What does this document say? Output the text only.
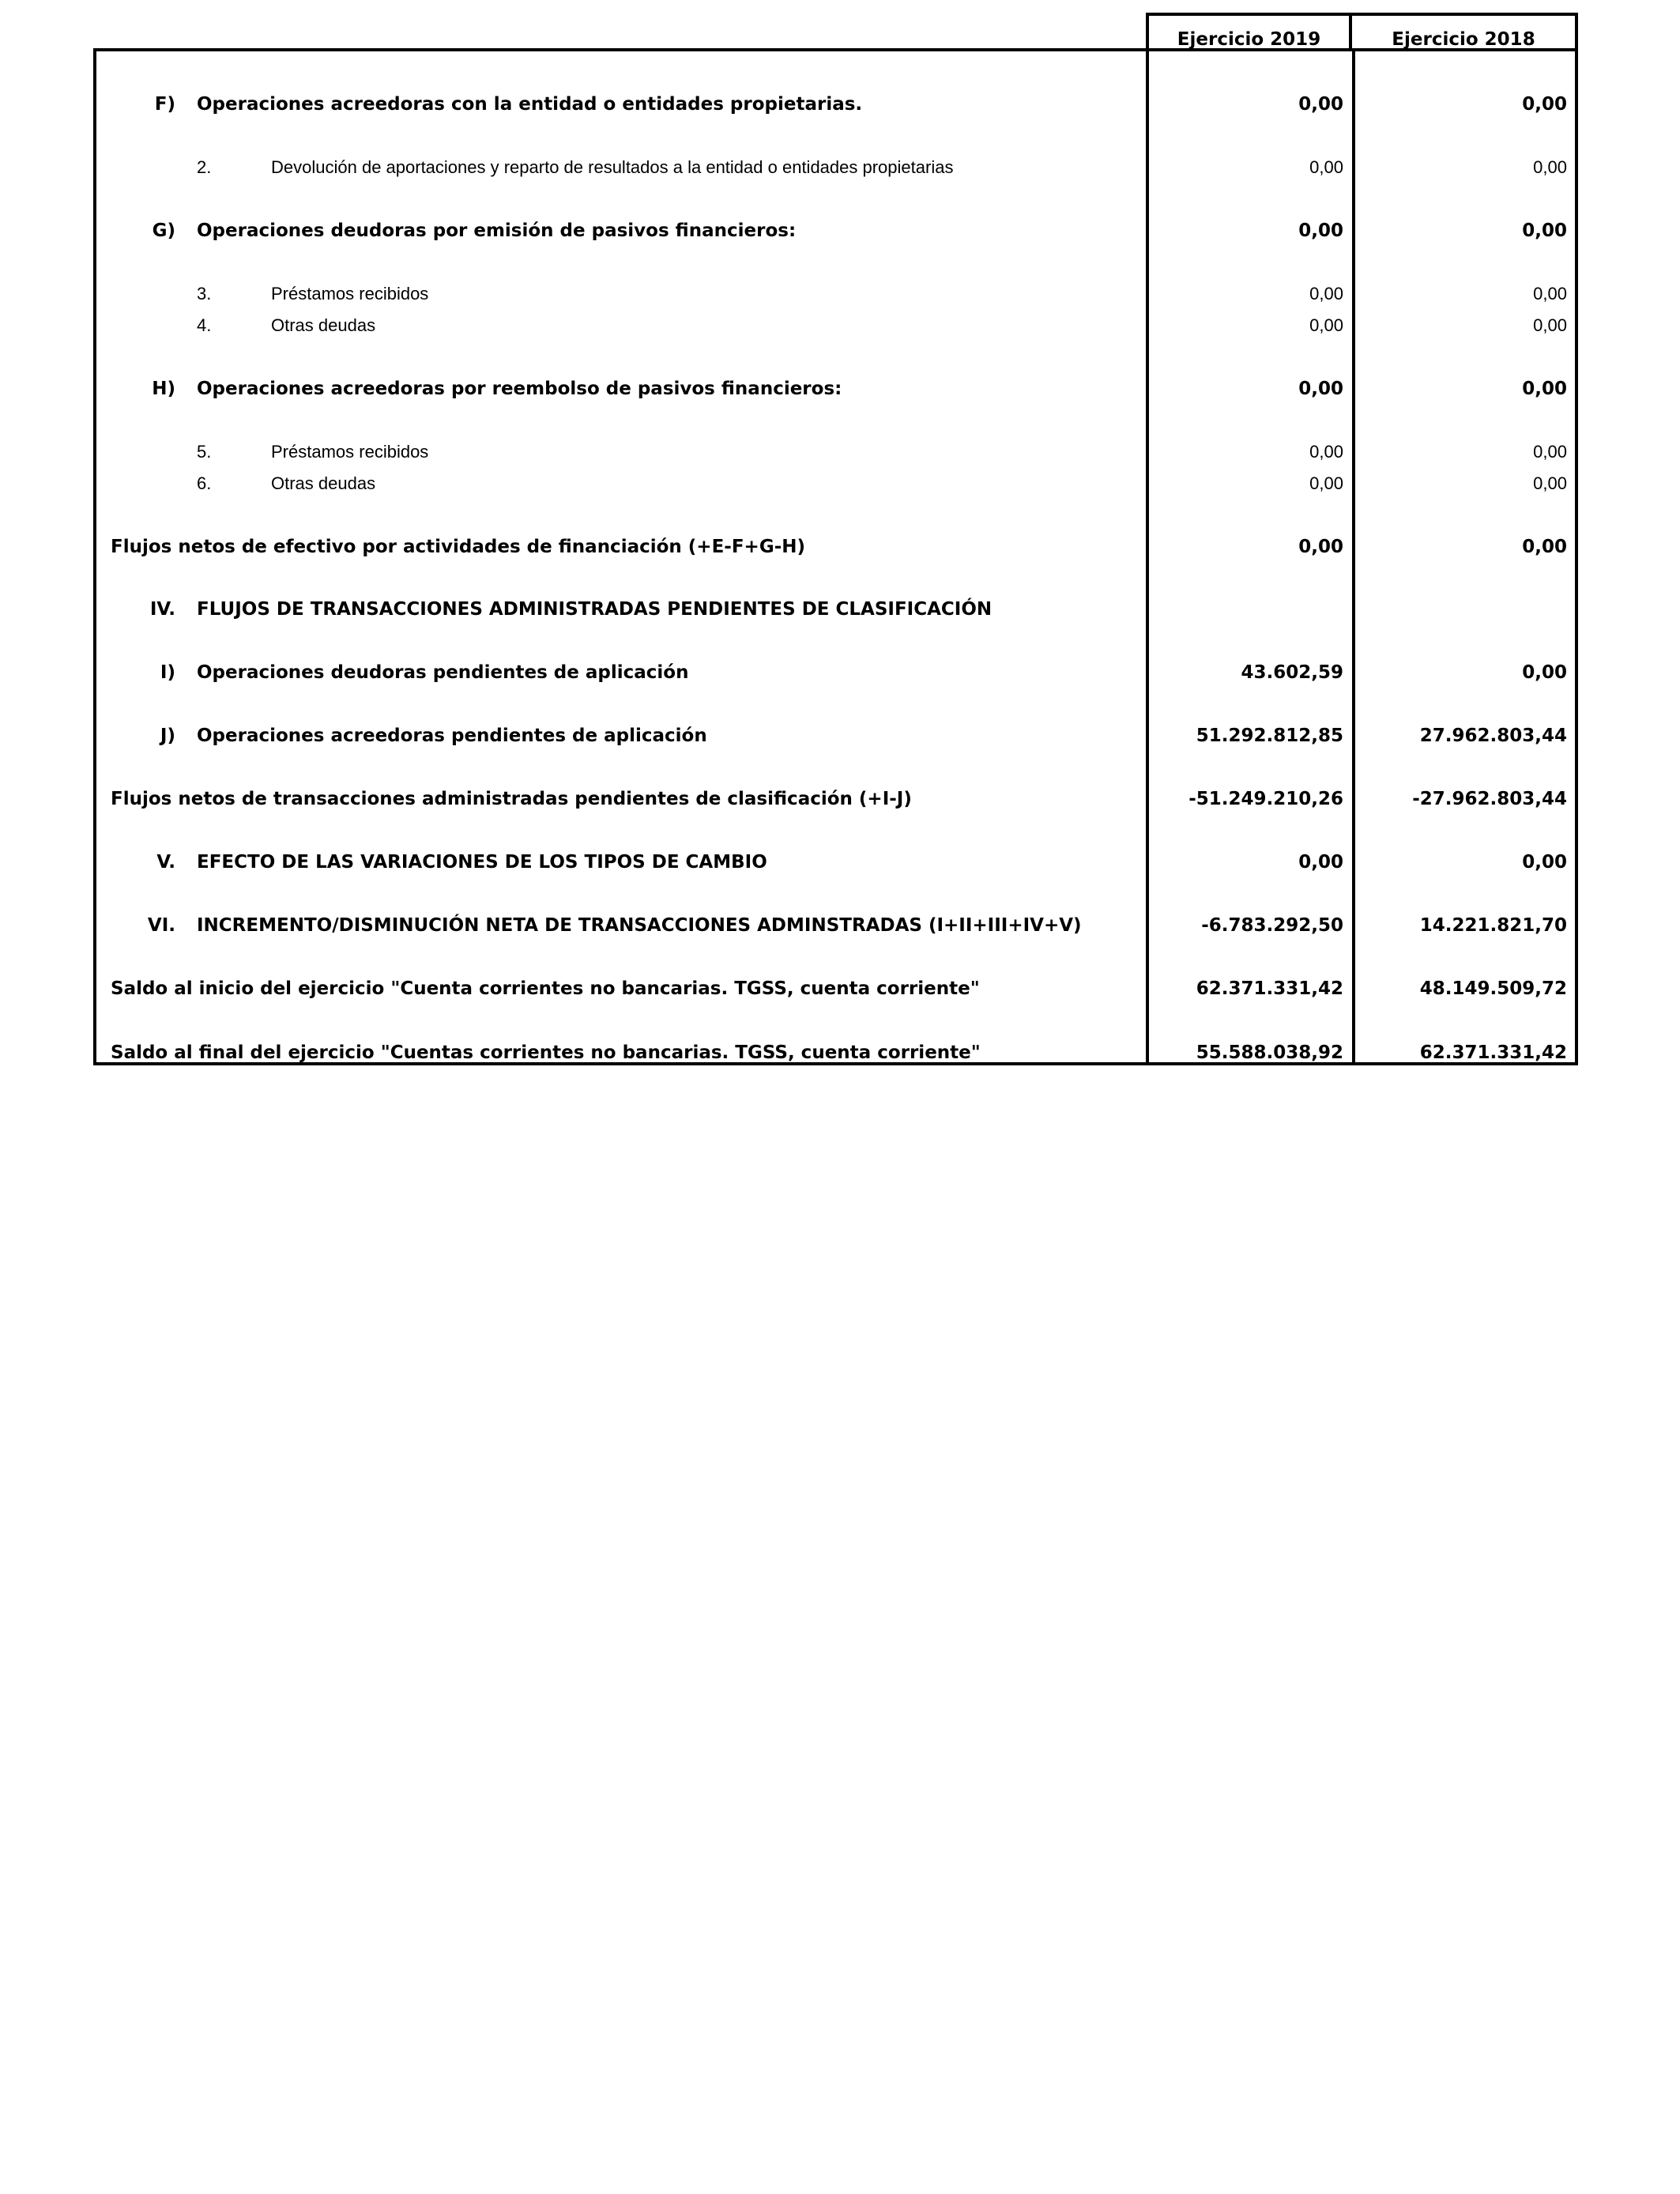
Ejercicio 2019	Ejercicio 2018
F) Operaciones acreedoras con la entidad o entidades propietarias.	0,00	0,00
2.	Devolución de aportaciones y reparto de resultados a la entidad o entidades propietarias	0,00	0,00
G) Operaciones deudoras por emisión de pasivos financieros:	0,00	0,00
3.	Préstamos recibidos	0,00	0,00
4.	Otras deudas	0,00	0,00
H) Operaciones acreedoras por reembolso de pasivos financieros:	0,00	0,00
5.	Préstamos recibidos	0,00	0,00
6.	Otras deudas	0,00	0,00
Flujos netos de efectivo por actividades de financiación (+E-F+G-H)	0,00	0,00
IV. FLUJOS DE TRANSACCIONES ADMINISTRADAS PENDIENTES DE CLASIFICACIÓN
I) Operaciones deudoras pendientes de aplicación	43.602,59	0,00
J) Operaciones acreedoras pendientes de aplicación	51.292.812,85	27.962.803,44
Flujos netos de transacciones administradas pendientes de clasificación (+I-J)	-51.249.210,26	-27.962.803,44
V. EFECTO DE LAS VARIACIONES DE LOS TIPOS DE CAMBIO	0,00	0,00
VI. INCREMENTO/DISMINUCIÓN NETA DE TRANSACCIONES ADMINSTRADAS (I+II+III+IV+V)	-6.783.292,50	14.221.821,70
Saldo al inicio del ejercicio "Cuenta corrientes no bancarias. TGSS, cuenta corriente"	62.371.331,42	48.149.509,72
Saldo al final del ejercicio "Cuentas corrientes no bancarias. TGSS, cuenta corriente"	55.588.038,92	62.371.331,42
